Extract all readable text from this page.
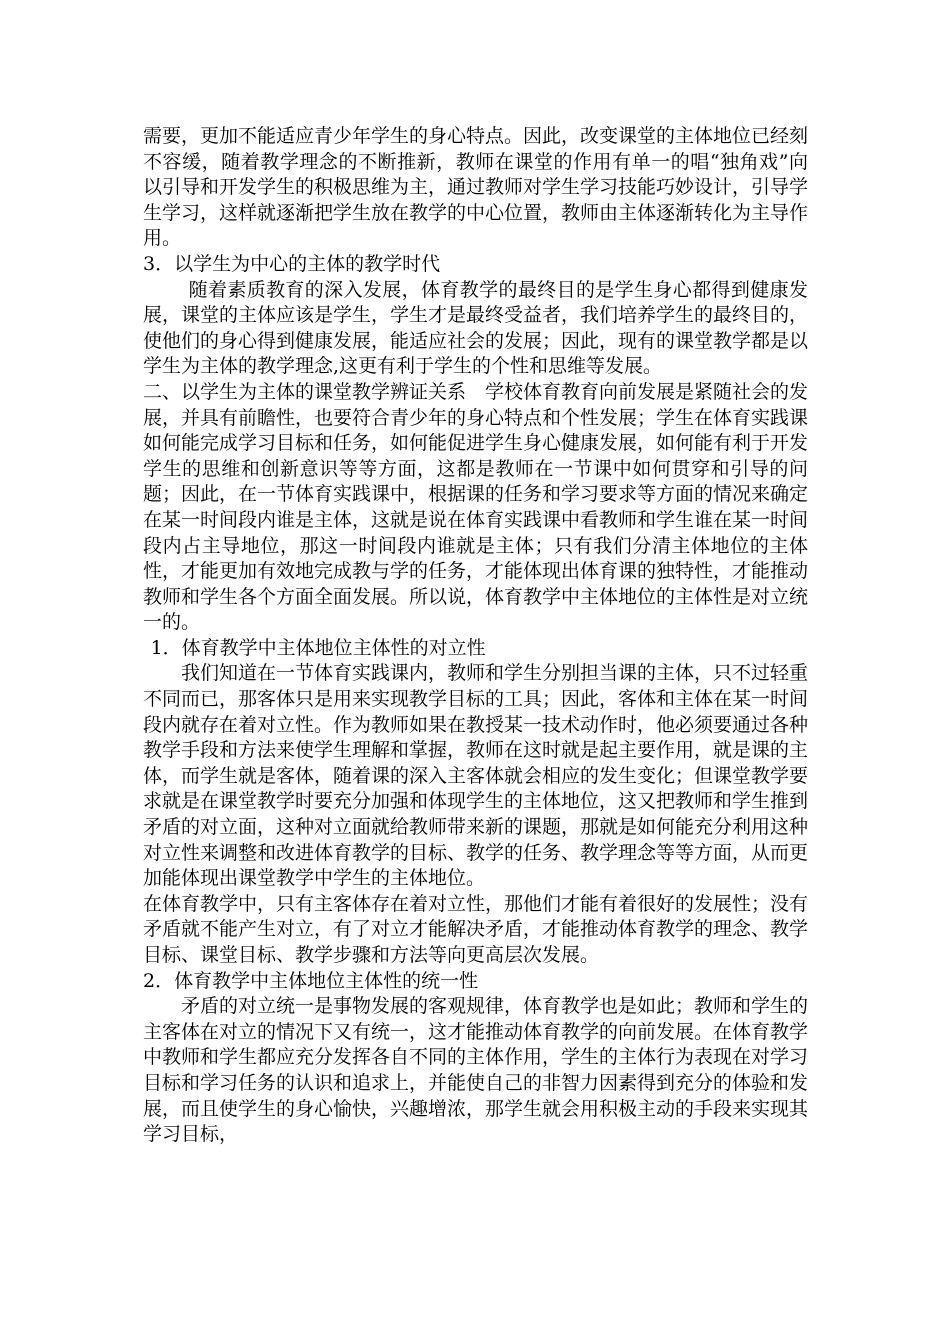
需要，更加不能适应青少年学生的身心特点。因此，改变课堂的主体地位已经刻不容缓，随着教学理念的不断推新，教师在课堂的作用有单一的唱“独角戏”向以引导和开发学生的积极思维为主，通过教师对学生学习技能巧妙设计，引导学生学习，这样就逐渐把学生放在教学的中心位置，教师由主体逐渐转化为主导作用。

3．以学生为中心的主体的教学时代

随着素质教育的深入发展，体育教学的最终目的是学生身心都得到健康发展，课堂的主体应该是学生，学生才是最终受益者，我们培养学生的最终目的，使他们的身心得到健康发展，能适应社会的发展；因此，现有的课堂教学都是以学生为主体的教学理念,这更有利于学生的个性和思维等发展。

二、以学生为主体的课堂教学辨证关系　学校体育教育向前发展是紧随社会的发展，并具有前瞻性，也要符合青少年的身心特点和个性发展；学生在体育实践课如何能完成学习目标和任务，如何能促进学生身心健康发展，如何能有利于开发学生的思维和创新意识等等方面，这都是教师在一节课中如何贯穿和引导的问题；因此，在一节体育实践课中，根据课的任务和学习要求等方面的情况来确定在某一时间段内谁是主体，这就是说在体育实践课中看教师和学生谁在某一时间段内占主导地位，那这一时间段内谁就是主体；只有我们分清主体地位的主体性，才能更加有效地完成教与学的任务，才能体现出体育课的独特性，才能推动教师和学生各个方面全面发展。所以说，体育教学中主体地位的主体性是对立统一的。

1．体育教学中主体地位主体性的对立性

我们知道在一节体育实践课内，教师和学生分别担当课的主体，只不过轻重不同而已，那客体只是用来实现教学目标的工具；因此，客体和主体在某一时间段内就存在着对立性。作为教师如果在教授某一技术动作时，他必须要通过各种教学手段和方法来使学生理解和掌握，教师在这时就是起主要作用，就是课的主体，而学生就是客体，随着课的深入主客体就会相应的发生变化；但课堂教学要求就是在课堂教学时要充分加强和体现学生的主体地位，这又把教师和学生推到矛盾的对立面，这种对立面就给教师带来新的课题，那就是如何能充分利用这种对立性来调整和改进体育教学的目标、教学的任务、教学理念等等方面，从而更加能体现出课堂教学中学生的主体地位。

在体育教学中，只有主客体存在着对立性，那他们才能有着很好的发展性；没有矛盾就不能产生对立，有了对立才能解决矛盾，才能推动体育教学的理念、教学目标、课堂目标、教学步骤和方法等向更高层次发展。

2．体育教学中主体地位主体性的统一性

矛盾的对立统一是事物发展的客观规律，体育教学也是如此；教师和学生的主客体在对立的情况下又有统一，这才能推动体育教学的向前发展。在体育教学中教师和学生都应充分发挥各自不同的主体作用，学生的主体行为表现在对学习目标和学习任务的认识和追求上，并能使自己的非智力因素得到充分的体验和发展，而且使学生的身心愉快，兴趣增浓，那学生就会用积极主动的手段来实现其学习目标，
